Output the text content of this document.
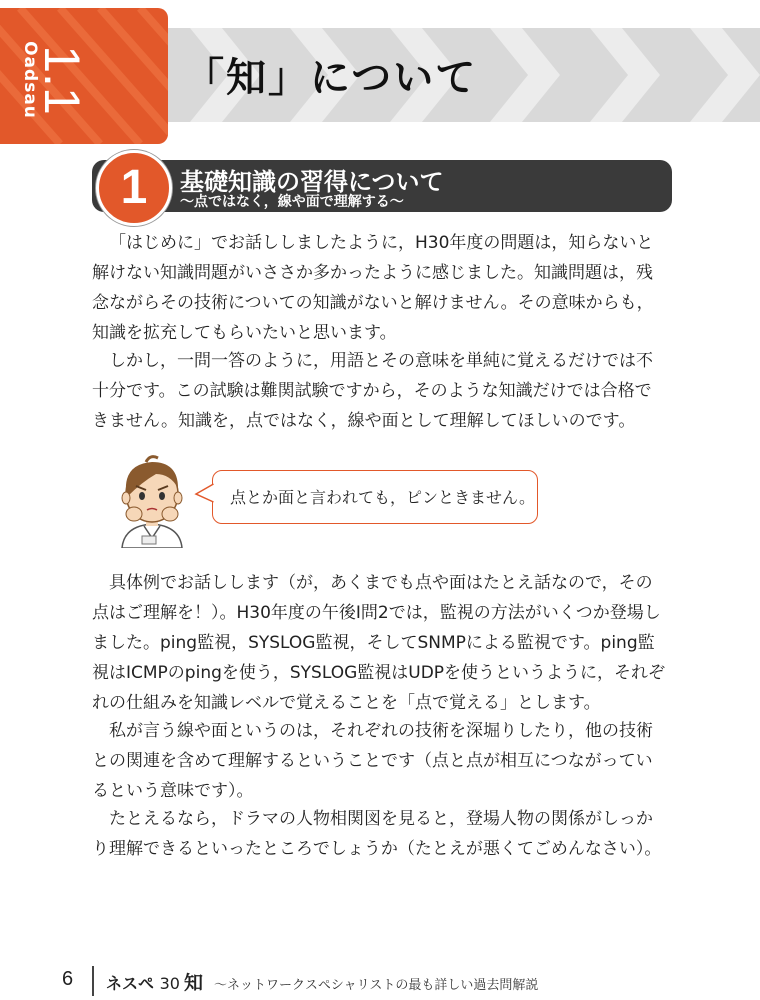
Oadsau
1.1 「知」について
1	基礎知識の習得について
〜点ではなく，線や面で理解する〜

「はじめに」でお話ししましたように，H30年度の問題は，知らないと解けない知識問題がいささか多かったように感じました。知識問題は，残念ながらその技術についての知識がないと解けません。その意味からも，知識を拡充してもらいたいと思います。

しかし，一問一答のように，用語とその意味を単純に覚えるだけでは不十分です。この試験は難関試験ですから，そのような知識だけでは合格できません。知識を，点ではなく，線や面として理解してほしいのです。

点とか面と言われても，ピンときません。

具体例でお話しします（が，あくまでも点や面はたとえ話なので，その点はご理解を！）。H30年度の午後Ⅰ問2では，監視の方法がいくつか登場しました。ping監視，SYSLOG監視，そしてSNMPによる監視です。ping監視はICMPのpingを使う，SYSLOG監視はUDPを使うというように，それぞれの仕組みを知識レベルで覚えることを「点で覚える」とします。

私が言う線や面というのは，それぞれの技術を深堀りしたり，他の技術との関連を含めて理解するということです（点と点が相互につながっているという意味です）。

たとえるなら，ドラマの人物相関図を見ると，登場人物の関係がしっかり理解できるといったところでしょうか（たとえが悪くてごめんなさい）。

6 ネスペ 30 知 〜ネットワークスペシャリストの最も詳しい過去問解説
